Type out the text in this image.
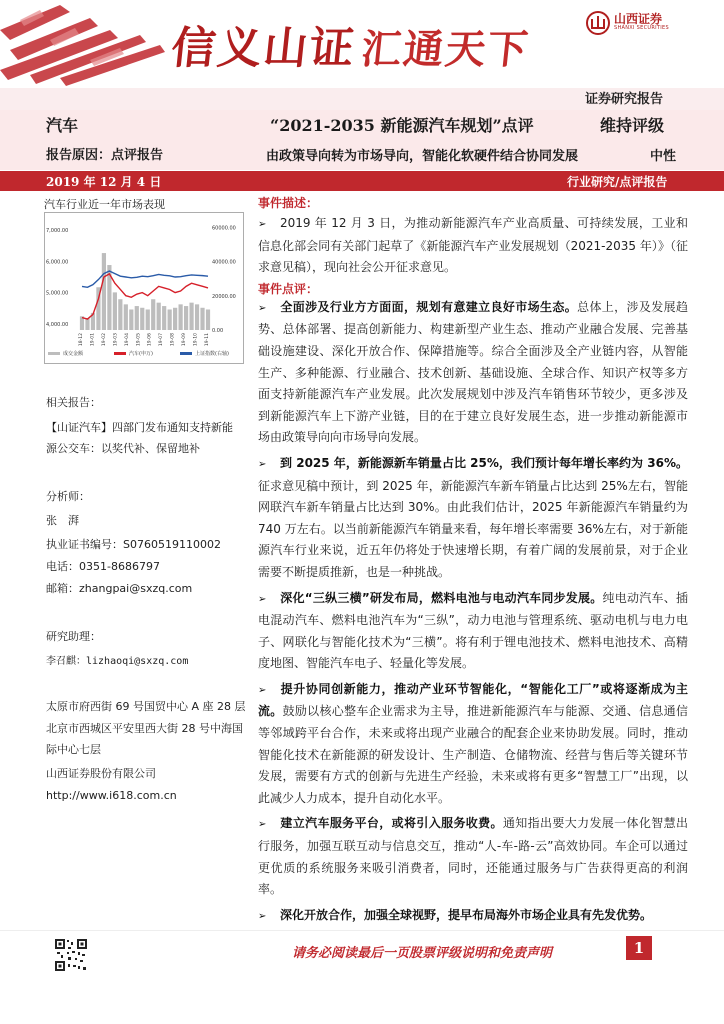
信义山证汇通天下
山西证券
SHANXI SECURITIES
证券研究报告
汽车	“2021-2035 新能源汽车规划”点评	维持评级
报告原因：点评报告	由政策导向转为市场导向，智能化软硬件结合协同发展	中性
2019 年 12 月 4 日	行业研究/点评报告
汽车行业近一年市场表现
7,000.00
6,000.00
5,000.00
4,000.00
60000.00
40000.00
20000.00
0.00
18-12 19-01 19-02 19-03 19-04 19-05 19-06 19-07 19-08 19-09 19-10 19-11
成交金额	汽车(申万)	上证指数(右轴)
相关报告：
【山证汽车】四部门发布通知支持新能
源公交车：以奖代补、保留地补
分析师：
张　湃
执业证书编号：S0760519110002
电话：0351-8686797
邮箱：zhangpai@sxzq.com
研究助理：
李召麒：lizhaoqi@sxzq.com
太原市府西街 69 号国贸中心 A 座 28 层
北京市西城区平安里西大街 28 号中海国
际中心七层
山西证券股份有限公司
http://www.i618.com.cn
事件描述：

➢ 2019 年 12 月 3 日，为推动新能源汽车产业高质量、可持续发展，工业和信息化部会同有关部门起草了《新能源汽车产业发展规划（2021-2035 年）》（征求意见稿），现向社会公开征求意见。

事件点评：

➢ 全面涉及行业方方面面，规划有意建立良好市场生态。总体上，涉及发展趋势、总体部署、提高创新能力、构建新型产业生态、推动产业融合发展、完善基础设施建设、深化开放合作、保障措施等。综合全面涉及全产业链内容，从智能生产、多种能源、行业融合、技术创新、基础设施、全球合作、知识产权等多方面支持新能源汽车产业发展。此次发展规划中涉及汽车销售环节较少，更多涉及到新能源汽车上下游产业链，目的在于建立良好发展生态，进一步推动新能源市场由政策导向向市场导向发展。

➢ 到 2025 年，新能源新车销量占比 25%，我们预计每年增长率约为 36%。征求意见稿中预计，到 2025 年，新能源汽车新车销量占比达到 25%左右，智能网联汽车新车销量占比达到 30%。由此我们估计，2025 年新能源汽车销量约为 740 万左右。以当前新能源汽车销量来看，每年增长率需要 36%左右，对于新能源汽车行业来说，近五年仍将处于快速增长期，有着广阔的发展前景，对于企业需要不断提质推新，也是一种挑战。

➢ 深化“三纵三横”研发布局，燃料电池与电动汽车同步发展。纯电动汽车、插电混动汽车、燃料电池汽车为“三纵”，动力电池与管理系统、驱动电机与电力电子、网联化与智能化技术为“三横”。将有利于锂电池技术、燃料电池技术、高精度地图、智能汽车电子、轻量化等发展。

➢ 提升协同创新能力，推动产业环节智能化，“智能化工厂”或将逐渐成为主流。鼓励以核心整车企业需求为主导，推进新能源汽车与能源、交通、信息通信等邻域跨平台合作，未来或将出现产业融合的配套企业来协助发展。同时，推动智能化技术在新能源的研发设计、生产制造、仓储物流、经营与售后等关键环节发展，需要有方式的创新与先进生产经验，未来或将有更多“智慧工厂”出现，以此减少人力成本，提升自动化水平。

➢ 建立汽车服务平台，或将引入服务收费。通知指出要大力发展一体化智慧出行服务，加强互联互动与信息交互，推动“人-车-路-云”高效协同。车企可以通过更优质的系统服务来吸引消费者，同时，还能通过服务与广告获得更高的利润率。

➢ 深化开放合作，加强全球视野，提早布局海外市场企业具有先发优势。

请务必阅读最后一页股票评级说明和免责声明	1
